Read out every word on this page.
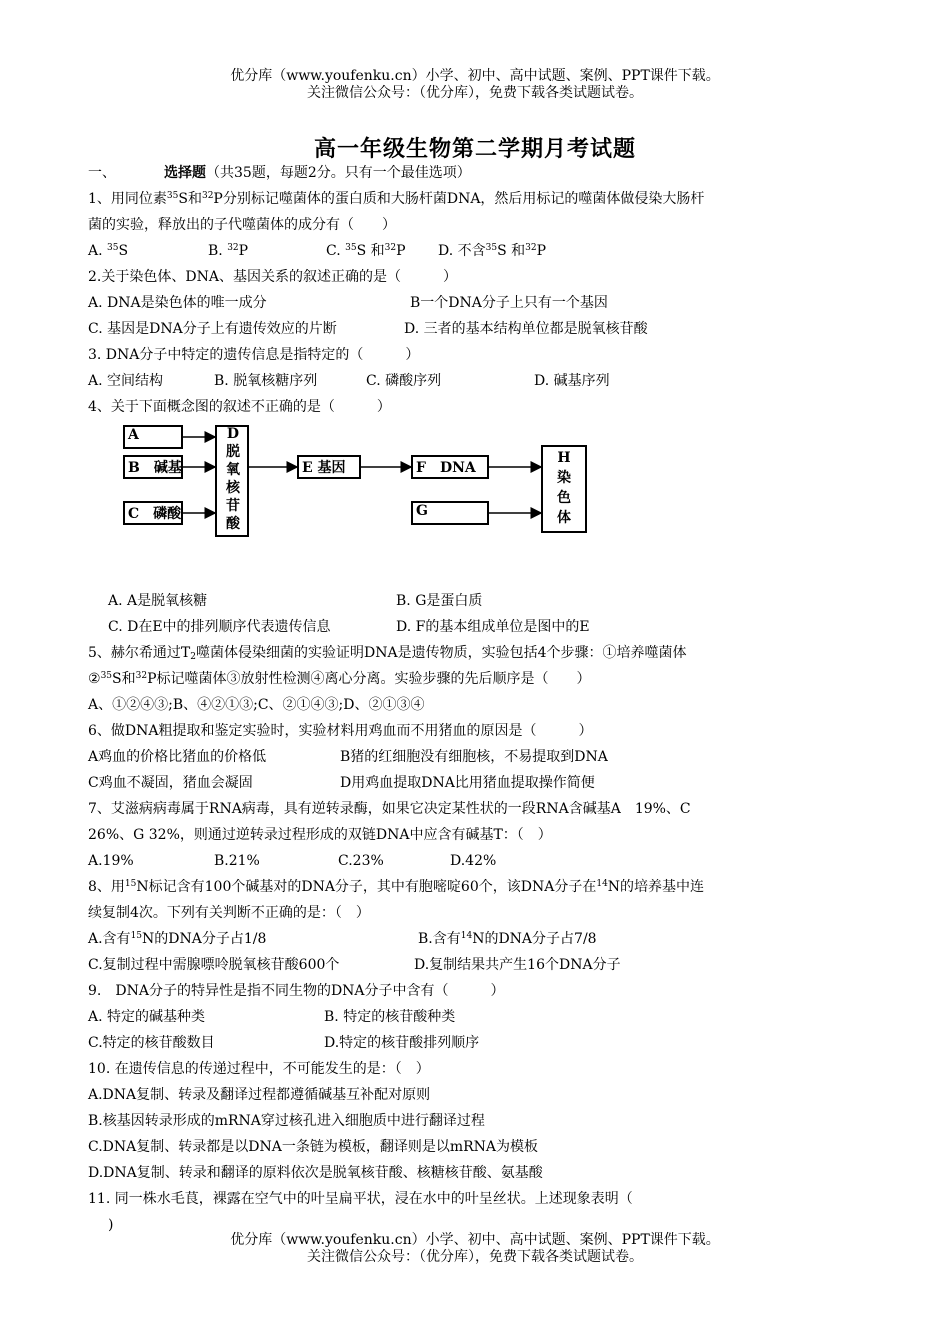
优分库（www.youfenku.cn）小学、初中、高中试题、案例、PPT课件下载。
关注微信公众号：（优分库），免费下载各类试题试卷。
高一年级生物第二学期月考试题
一、	选择题（共35题，每题2分。只有一个最佳选项）
1、用同位素$^{35}$S和$^{32}$P分别标记噬菌体的蛋白质和大肠杆菌DNA，然后用标记的噬菌体做侵染大肠杆
菌的实验，释放出的子代噬菌体的成分有（　　）
A. $^{35}$S	B. $^{32}$P	C. $^{35}$S 和$^{32}$P	D. 不含$^{35}$S 和$^{32}$P
2.关于染色体、DNA、基因关系的叙述正确的是（　　　）
A. DNA是染色体的唯一成分	B一个DNA分子上只有一个基因
C. 基因是DNA分子上有遗传效应的片断	D. 三者的基本结构单位都是脱氧核苷酸
3. DNA分子中特定的遗传信息是指特定的（　　　）
A. 空间结构	B. 脱氧核糖序列	C. 磷酸序列	D. 碱基序列
4、关于下面概念图的叙述不正确的是（　　　）
A
B　碱基
C　磷酸
D
脱
氧
核
苷
酸
E 基因	F　DNA
G
H
染
色
体
A. A是脱氧核糖	B. G是蛋白质
C. D在E中的排列顺序代表遗传信息	D. F的基本组成单位是图中的E
5、赫尔希通过$T_2$噬菌体侵染细菌的实验证明DNA是遗传物质，实验包括4个步骤：①培养噬菌体
②$^{35}$S和$^{32}$P标记噬菌体③放射性检测④离心分离。实验步骤的先后顺序是（　　）
A、①②④③;B、④②①③;C、②①④③;D、②①③④
6、做DNA粗提取和鉴定实验时，实验材料用鸡血而不用猪血的原因是（　　　）
A鸡血的价格比猪血的价格低	B猪的红细胞没有细胞核，不易提取到DNA
C鸡血不凝固，猪血会凝固	D用鸡血提取DNA比用猪血提取操作简便
7、艾滋病病毒属于RNA病毒，具有逆转录酶，如果它决定某性状的一段RNA含碱基A　19%、C
26%、G 32%，则通过逆转录过程形成的双链DNA中应含有碱基T：（　）
A.19%	B.21%	C.23%	D.42%
8、用$^{15}$N标记含有100个碱基对的DNA分子，其中有胞嘧啶60个，该DNA分子在$^{14}$N的培养基中连
续复制4次。下列有关判断不正确的是：（　）
A.含有$^{15}$N的DNA分子占1/8	B.含有$^{14}$N的DNA分子占7/8
C.复制过程中需腺嘌呤脱氧核苷酸600个	D.复制结果共产生16个DNA分子
9.　DNA分子的特异性是指不同生物的DNA分子中含有（　　　）
A. 特定的碱基种类	B. 特定的核苷酸种类
C.特定的核苷酸数目	D.特定的核苷酸排列顺序
10. 在遗传信息的传递过程中，不可能发生的是：（　）
A.DNA复制、转录及翻译过程都遵循碱基互补配对原则
B.核基因转录形成的mRNA穿过核孔进入细胞质中进行翻译过程
C.DNA复制、转录都是以DNA一条链为模板，翻译则是以mRNA为模板
D.DNA复制、转录和翻译的原料依次是脱氧核苷酸、核糖核苷酸、氨基酸
11. 同一株水毛茛，裸露在空气中的叶呈扁平状，浸在水中的叶呈丝状。上述现象表明（
)
优分库（www.youfenku.cn）小学、初中、高中试题、案例、PPT课件下载。
关注微信公众号：（优分库），免费下载各类试题试卷。
